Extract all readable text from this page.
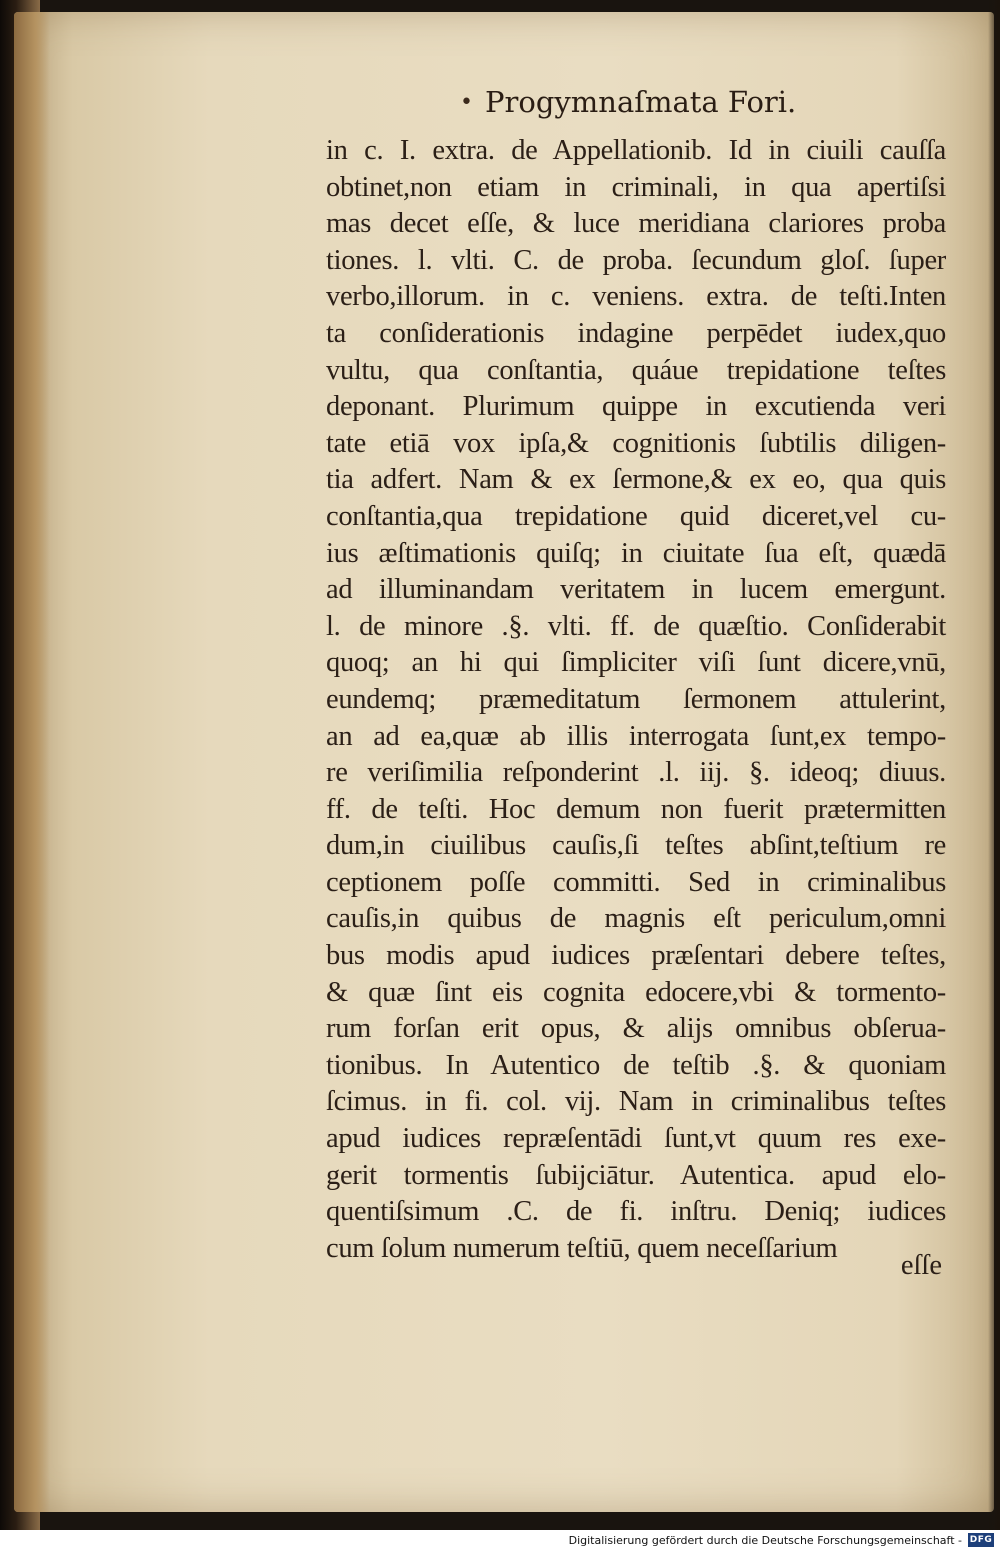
• Progymnaſmata Fori.
in c. I. extra. de Appellationib. Id in ciuili cauſſa
obtinet,non etiam in criminali, in qua apertiſsi
mas decet eſſe, & luce meridiana clariores proba
tiones. l. vlti. C. de proba. ſecundum gloſ. ſuper
verbo,illorum. in c. veniens. extra. de teſti.Inten
ta conſiderationis indagine perpēdet iudex,quo
vultu, qua conſtantia, quáue trepidatione teſtes
deponant. Plurimum quippe in excutienda veri
tate etiā vox ipſa,& cognitionis ſubtilis diligen-
tia adfert. Nam & ex ſermone,& ex eo, qua quis
conſtantia,qua trepidatione quid diceret,vel cu-
ius æſtimationis quiſq; in ciuitate ſua eſt, quædā
ad illuminandam veritatem in lucem emergunt.
l. de minore .§. vlti. ff. de quæſtio. Conſiderabit
quoq; an hi qui ſimpliciter viſi ſunt dicere,vnū,
eundemq; præmeditatum ſermonem attulerint,
an ad ea,quæ ab illis interrogata ſunt,ex tempo-
re veriſimilia reſponderint .l. iij. §. ideoq; diuus.
ff. de teſti. Hoc demum non fuerit prætermitten
dum,in ciuilibus cauſis,ſi teſtes abſint,teſtium re
ceptionem poſſe committi. Sed in criminalibus
cauſis,in quibus de magnis eſt periculum,omni
bus modis apud iudices præſentari debere teſtes,
& quæ ſint eis cognita edocere,vbi & tormento-
rum forſan erit opus, & alijs omnibus obſerua-
tionibus. In Autentico de teſtib .§. & quoniam
ſcimus. in fi. col. vij. Nam in criminalibus teſtes
apud iudices repræſentādi ſunt,vt quum res exe-
gerit tormentis ſubijciātur. Autentica. apud elo-
quentiſsimum .C. de fi. inſtru. Deniq; iudices
cum ſolum numerum teſtiū, quem neceſſarium
eſſe
Digitalisierung gefördert durch die Deutsche Forschungsgemeinschaft - DFG
